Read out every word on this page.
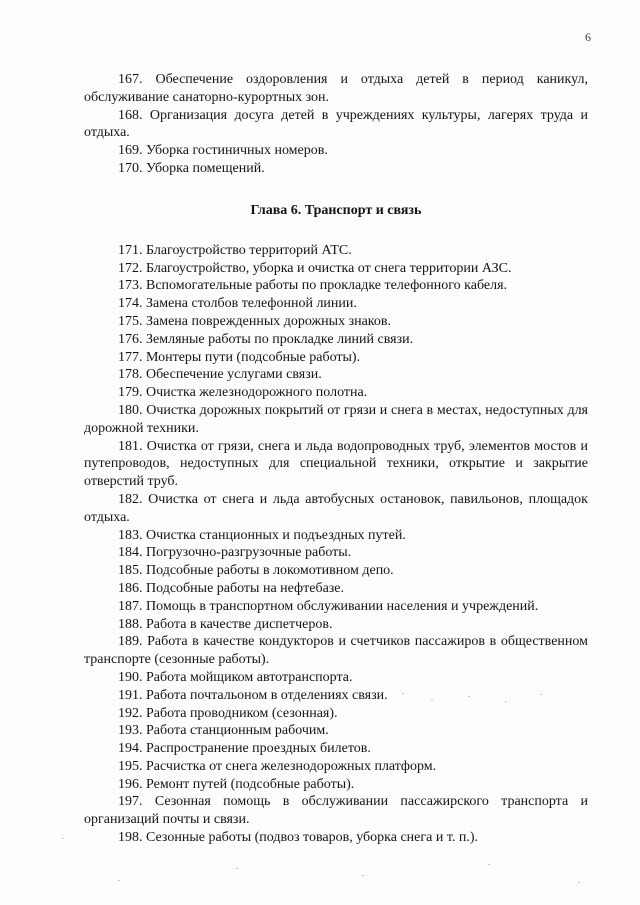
6

167. Обеспечение оздоровления и отдыха детей в период каникул, обслуживание санаторно-курортных зон.

168. Организация досуга детей в учреждениях культуры, лагерях труда и отдыха.

169. Уборка гостиничных номеров.

170. Уборка помещений.

Глава 6. Транспорт и связь

171. Благоустройство территорий АТС.

172. Благоустройство, уборка и очистка от снега территории АЗС.

173. Вспомогательные работы по прокладке телефонного кабеля.

174. Замена столбов телефонной линии.

175. Замена поврежденных дорожных знаков.

176. Земляные работы по прокладке линий связи.

177. Монтеры пути (подсобные работы).

178. Обеспечение услугами связи.

179. Очистка железнодорожного полотна.

180. Очистка дорожных покрытий от грязи и снега в местах, недоступных для дорожной техники.

181. Очистка от грязи, снега и льда водопроводных труб, элементов мостов и путепроводов, недоступных для специальной техники, открытие и закрытие отверстий труб.

182. Очистка от снега и льда автобусных остановок, павильонов, площадок отдыха.

183. Очистка станционных и подъездных путей.

184. Погрузочно-разгрузочные работы.

185. Подсобные работы в локомотивном депо.

186. Подсобные работы на нефтебазе.

187. Помощь в транспортном обслуживании населения и учреждений.

188. Работа в качестве диспетчеров.

189. Работа в качестве кондукторов и счетчиков пассажиров в общественном транспорте (сезонные работы).

190. Работа мойщиком автотранспорта.

191. Работа почтальоном в отделениях связи.

192. Работа проводником (сезонная).

193. Работа станционным рабочим.

194. Распространение проездных билетов.

195. Расчистка от снега железнодорожных платформ.

196. Ремонт путей (подсобные работы).

197. Сезонная помощь в обслуживании пассажирского транспорта и организаций почты и связи.

198. Сезонные работы (подвоз товаров, уборка снега и т. п.).
